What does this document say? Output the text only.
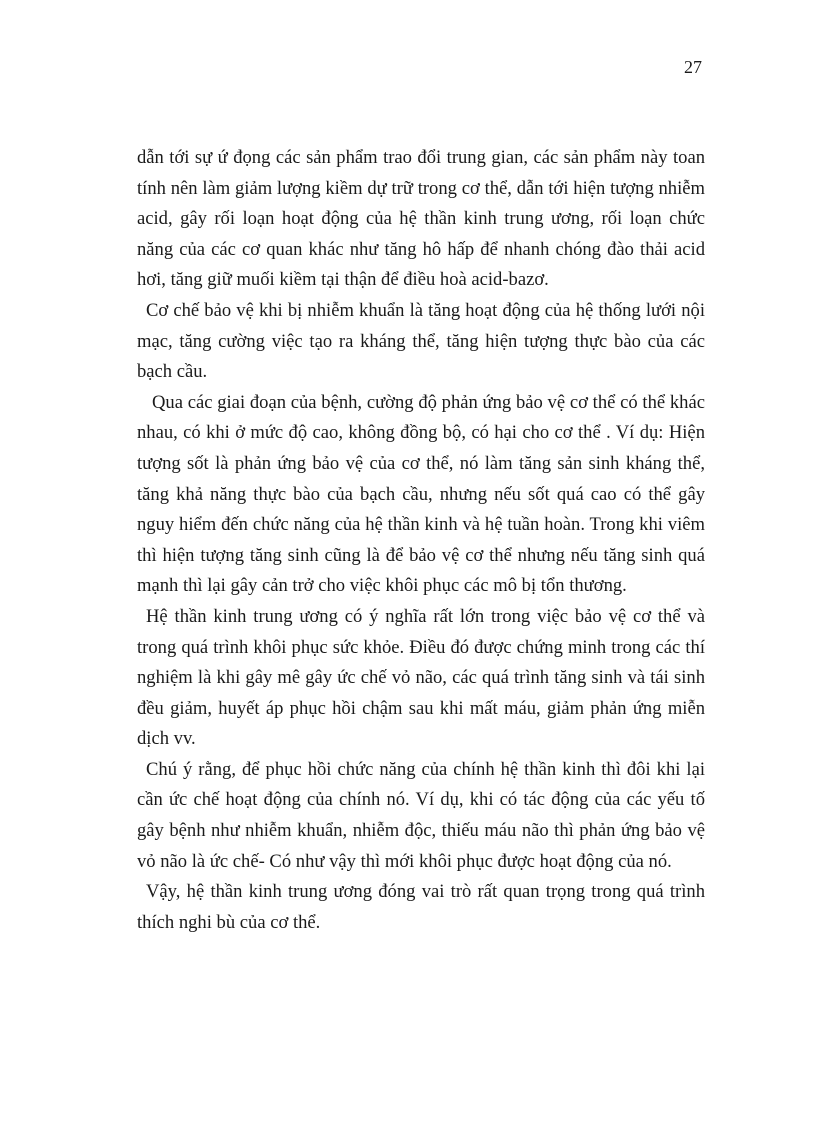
27

dẫn tới sự ứ đọng các sản phẩm trao đổi trung gian, các sản phẩm này toan tính nên làm giảm lượng kiềm dự trữ trong cơ thể, dẫn tới hiện tượng nhiễm acid, gây rối loạn hoạt động của hệ thần kinh trung ương, rối loạn chức năng của các cơ quan khác như tăng hô hấp để nhanh chóng đào thải acid hơi, tăng giữ muối kiềm tại thận để điều hoà acid-bazơ.

Cơ chế bảo vệ khi bị nhiễm khuẩn là tăng hoạt động của hệ thống lưới nội mạc, tăng cường việc tạo ra kháng thể, tăng hiện tượng thực bào của các bạch cầu.

Qua các giai đoạn của bệnh, cường độ phản ứng bảo vệ cơ thể có thể khác nhau, có khi ở mức độ cao, không đồng bộ, có hại cho cơ thể . Ví dụ: Hiện tượng sốt là phản ứng bảo vệ của cơ thể, nó làm tăng sản sinh kháng thể, tăng khả năng thực bào của bạch cầu, nhưng nếu sốt quá cao có thể gây nguy hiểm đến chức năng của hệ thần kinh và hệ tuần hoàn. Trong khi viêm thì hiện tượng tăng sinh cũng là để bảo vệ cơ thể nhưng nếu tăng sinh quá mạnh thì lại gây cản trở cho việc khôi phục các mô bị tổn thương.

Hệ thần kinh trung ương có ý nghĩa rất lớn trong việc bảo vệ cơ thể và trong quá trình khôi phục sức khỏe. Điều đó được chứng minh trong các thí nghiệm là khi gây mê gây ức chế vỏ não, các quá trình tăng sinh và tái sinh đều giảm, huyết áp phục hồi chậm sau khi mất máu, giảm phản ứng miễn dịch vv.

Chú ý rằng, để phục hồi chức năng của chính hệ thần kinh thì đôi khi lại cần ức chế hoạt động của chính nó. Ví dụ, khi có tác động của các yếu tố gây bệnh như nhiễm khuẩn, nhiễm độc, thiếu máu não thì phản ứng bảo vệ vỏ não là ức chế- Có như vậy thì mới khôi phục được hoạt động của nó.

Vậy, hệ thần kinh trung ương đóng vai trò rất quan trọng trong quá trình thích nghi bù của cơ thể.
